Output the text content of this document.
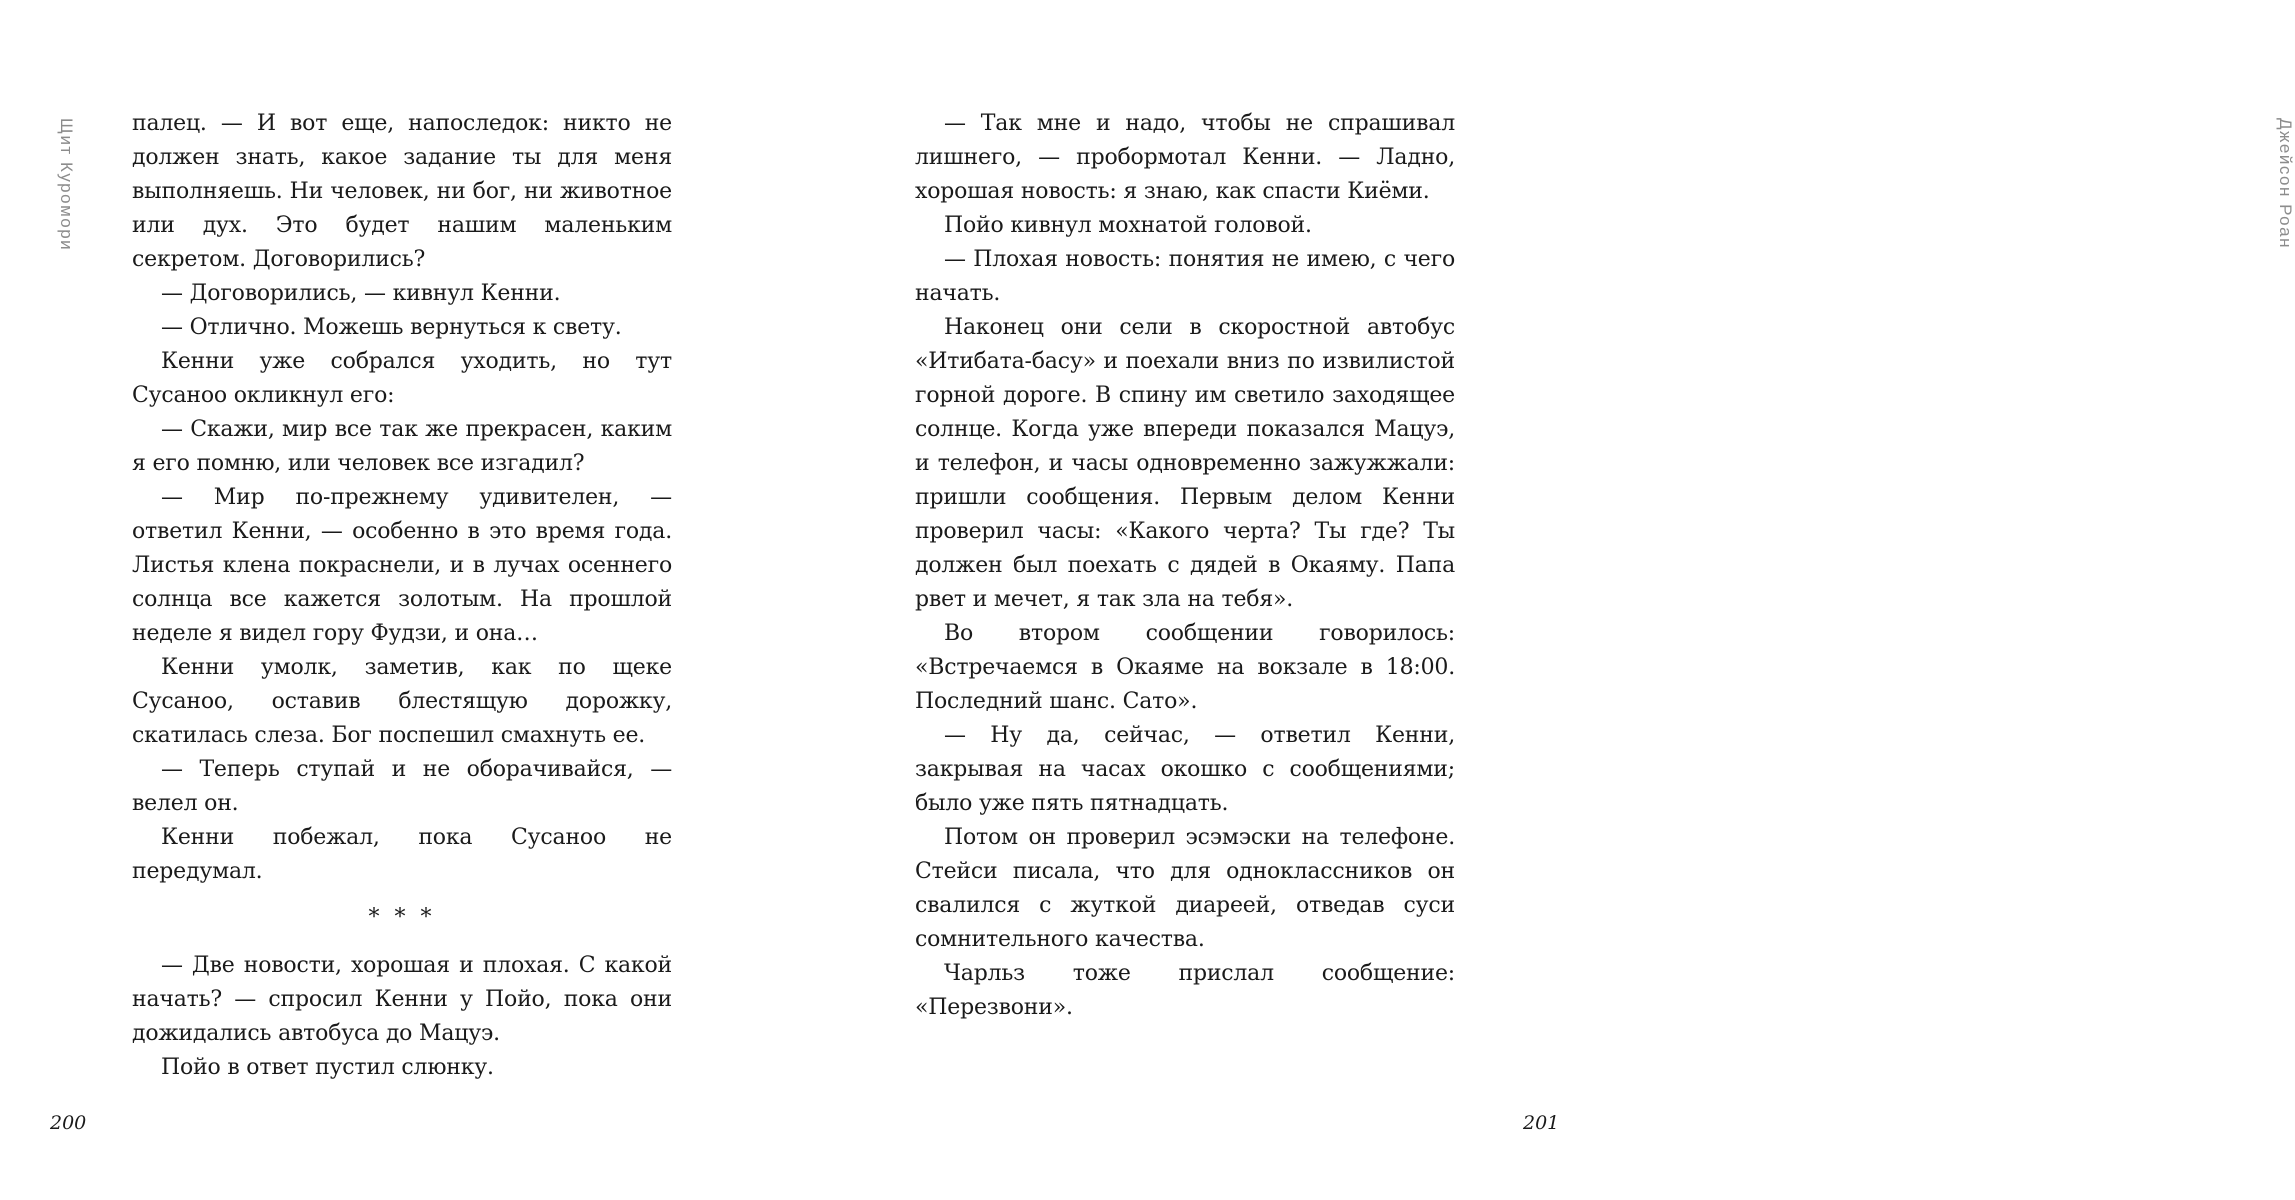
Щит Куромори	палец. — И вот еще, напоследок: никто не должен знать, какое задание ты для меня выполняешь. Ни человек, ни бог, ни животное или дух. Это будет нашим маленьким секретом. Договорились?

— Договорились, — кивнул Кенни.

— Отлично. Можешь вернуться к свету.

Кенни уже собрался уходить, но тут Сусаноо окликнул его:

— Скажи, мир все так же прекрасен, каким я его помню, или человек все изгадил?

— Мир по-прежнему удивителен, — ответил Кенни, — особенно в это время года. Листья клена покраснели, и в лучах осеннего солнца все кажется золотым. На прошлой неделе я видел гору Фудзи, и она…

Кенни умолк, заметив, как по щеке Сусаноо, оставив блестящую дорожку, скатилась слеза. Бог поспешил смахнуть ее.

— Теперь ступай и не оборачивайся, — велел он.

Кенни побежал, пока Сусаноо не передумал.

* * *

— Две новости, хорошая и плохая. С какой начать? — спросил Кенни у Пойо, пока они дожидались автобуса до Мацуэ.

Пойо в ответ пустил слюнку.

200
Джейсон Роан

— Так мне и надо, чтобы не спрашивал лишнего, — пробормотал Кенни. — Ладно, хорошая новость: я знаю, как спасти Киёми.

Пойо кивнул мохнатой головой.

— Плохая новость: понятия не имею, с чего начать.

Наконец они сели в скоростной автобус «Итибата-басу» и поехали вниз по извилистой горной дороге. В спину им светило заходящее солнце. Когда уже впереди показался Мацуэ, и телефон, и часы одновременно зажужжали: пришли сообщения. Первым делом Кенни проверил часы: «Какого черта? Ты где? Ты должен был поехать с дядей в Окаяму. Папа рвет и мечет, я так зла на тебя».

Во втором сообщении говорилось: «Встречаемся в Окаяме на вокзале в 18:00. Последний шанс. Сато».

— Ну да, сейчас, — ответил Кенни, закрывая на часах окошко с сообщениями; было уже пять пятнадцать.

Потом он проверил эсэмэски на телефоне. Стейси писала, что для одноклассников он свалился с жуткой диареей, отведав суси сомнительного качества.

Чарльз тоже прислал сообщение: «Перезвони».

201
